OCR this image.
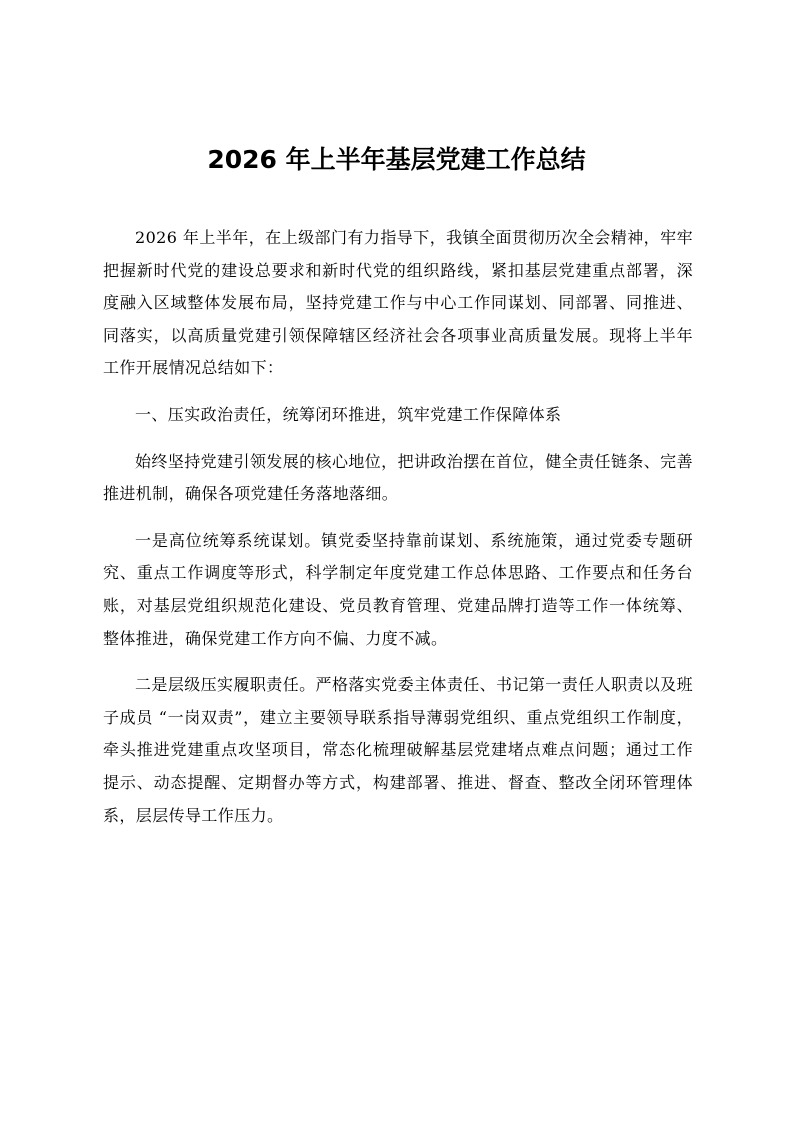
2026 年上半年基层党建工作总结

2026 年上半年，在上级部门有力指导下，我镇全面贯彻历次全会精神，牢牢把握新时代党的建设总要求和新时代党的组织路线，紧扣基层党建重点部署，深度融入区域整体发展布局，坚持党建工作与中心工作同谋划、同部署、同推进、同落实，以高质量党建引领保障辖区经济社会各项事业高质量发展。现将上半年工作开展情况总结如下：

一、压实政治责任，统筹闭环推进，筑牢党建工作保障体系

始终坚持党建引领发展的核心地位，把讲政治摆在首位，健全责任链条、完善推进机制，确保各项党建任务落地落细。

一是高位统筹系统谋划。镇党委坚持靠前谋划、系统施策，通过党委专题研究、重点工作调度等形式，科学制定年度党建工作总体思路、工作要点和任务台账，对基层党组织规范化建设、党员教育管理、党建品牌打造等工作一体统筹、整体推进，确保党建工作方向不偏、力度不减。

二是层级压实履职责任。严格落实党委主体责任、书记第一责任人职责以及班子成员 “一岗双责”，建立主要领导联系指导薄弱党组织、重点党组织工作制度，牵头推进党建重点攻坚项目，常态化梳理破解基层党建堵点难点问题；通过工作提示、动态提醒、定期督办等方式，构建部署、推进、督查、整改全闭环管理体系，层层传导工作压力。
